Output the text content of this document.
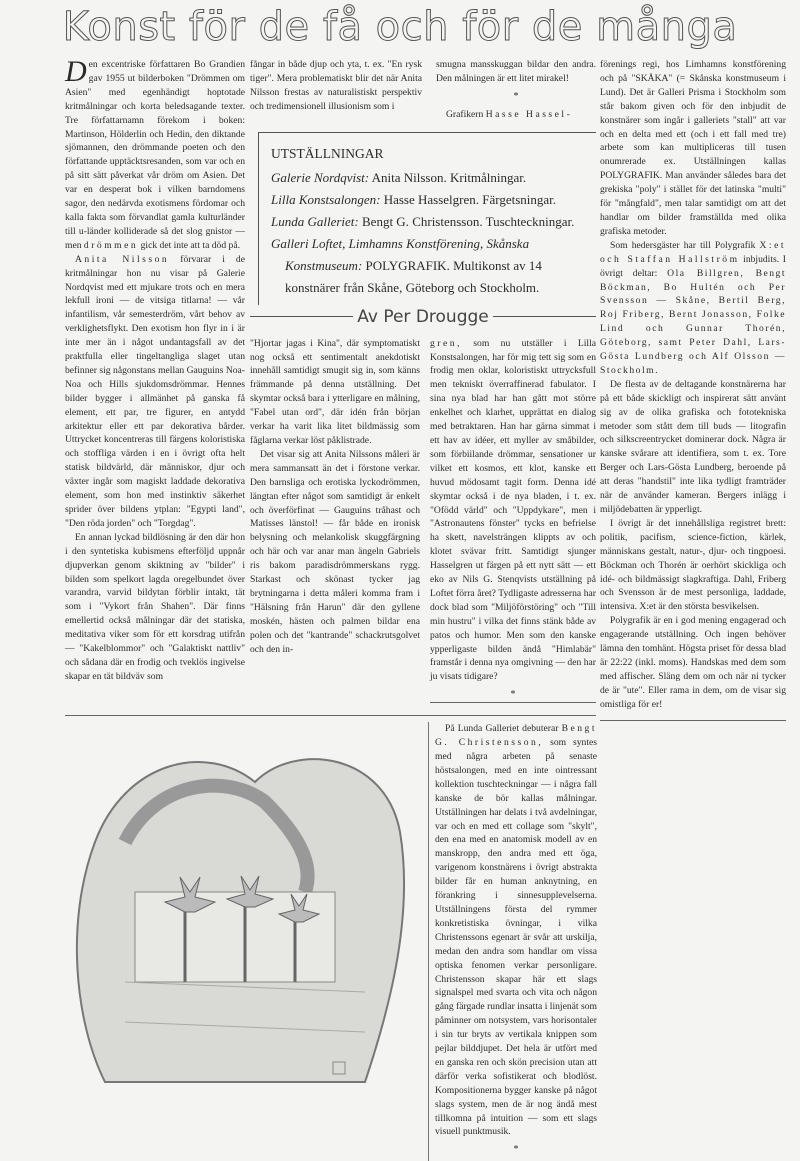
Konst för de få och för de många

Den excentriske författaren Bo Grandien gav 1955 ut bilderboken "Drömmen om Asien" med egenhändigt hoptotade kritmålningar och korta beledsagande texter. Tre författarnamn förekom i boken: Martinson, Hölderlin och Hedin, den diktande sjömannen, den drömmande poeten och den författande upptäcktsresanden, som var och en på sitt sätt påverkat vår dröm om Asien. Det var en desperat bok i vilken barndomens sagor, den nedärvda exotismens fördomar och kalla fakta som förvandlat gamla kulturländer till u-länder kolliderade så det slog gnistor — men drömmen gick det inte att ta död på.

Anita Nilsson förvarar i de kritmålningar hon nu visar på Galerie Nordqvist med ett mjukare trots och en mera lekfull ironi — de vitsiga titlarna! — vår infantilism, vår semesterdröm, vårt behov av verklighetsflykt. Den exotism hon flyr in i är inte mer än i något undantagsfall av det praktfulla eller tingeltangliga slaget utan befinner sig någonstans mellan Gauguins Noa-Noa och Hills sjukdomsdrömmar. Hennes bilder bygger i allmänhet på ganska få element, ett par, tre figurer, en antydd arkitektur eller ett par dekorativa bårder. Uttrycket koncentreras till färgens koloristiska och stoffliga värden i en i övrigt ofta helt statisk bildvärld, där människor, djur och växter ingår som magiskt laddade dekorativa element, som hon med instinktiv säkerhet sprider över bildens ytplan: "Egypti land", "Den röda jorden" och "Torgdag".

En annan lyckad bildlösning är den där hon i den syntetiska kubismens efterföljd uppnår djupverkan genom skiktning av "bilder" i bilden som spelkort lagda oregelbundet över varandra, varvid bildytan förblir intakt, tät som i "Vykort från Shahen". Där finns emellertid också målningar där det statiska, meditativa viker som för ett korsdrag utifrån — "Kakelblommor" och "Galaktiskt nattliv" och sådana där en frodig och tveklös ingivelse skapar en tät bildväv som

fångar in både djup och yta, t. ex. "En rysk tiger". Mera problematiskt blir det när Anita Nilsson frestas av naturalistiskt perspektiv och tredimensionell illusionism som i

smugna mansskuggan bildar den andra. Den målningen är ett litet mirakel!

*

Grafikern Hasse Hassel-

UTSTÄLLNINGAR
Galerie Nordqvist: Anita Nilsson. Kritmålningar.
Lilla Konstsalongen: Hasse Hasselgren. Färgetsningar.
Lunda Galleriet: Bengt G. Christensson. Tuschteckningar.
Galleri Loftet, Limhamns Konstförening, Skånska Konstmuseum: POLYGRAFIK. Multikonst av 14 konstnärer från Skåne, Göteborg och Stockholm.
Av Per Drougge

"Hjortar jagas i Kina", där symptomatiskt nog också ett sentimentalt anekdotiskt innehåll samtidigt smugit sig in, som känns främmande på denna utställning. Det skymtar också bara i ytterligare en målning, "Fabel utan ord", där idén från början verkar ha varit lika litet bildmässig som fåglarna verkar löst påklistrade.

Det visar sig att Anita Nilssons måleri är mera sammansatt än det i förstone verkar. Den barnsliga och erotiska lyckodrömmen, längtan efter något som samtidigt är enkelt och överförfinat — Gauguins tråhast och Matisses länstol! — får både en ironisk belysning och melankolisk skuggfärgning och här och var anar man ängeln Gabriels ris bakom paradisdrömmerskans rygg. Starkast och skönast tycker jag brytningarna i detta måleri komma fram i "Hälsning från Harun" där den gyllene moskén, hästen och palmen bildar ena polen och det "kantrande" schackrutsgolvet och den in-

gren, som nu utställer i Lilla Konstsalongen, har för mig tett sig som en frodig men oklar, koloristiskt uttrycksfull men tekniskt överraffinerad fabulator. I sina nya blad har han gått mot större enkelhet och klarhet, upprättat en dialog med betraktaren. Han har gärna simmat i ett hav av idéer, ett myller av småbilder, som förbiilande drömmar, sensationer ur vilket ett kosmos, ett klot, kanske ett huvud mödosamt tagit form. Denna idé skymtar också i de nya bladen, i t. ex. "Ofödd värld" och "Uppdykare", men i "Astronautens fönster" tycks en befrielse ha skett, navelsträngen klippts av och klotet svävar fritt. Samtidigt sjunger Hasselgren ut färgen på ett nytt sätt — ett eko av Nils G. Stenqvists utställning på Loftet förra året? Tydligaste adresserna har dock blad som "Miljöförstöring" och "Till min hustru" i vilka det finns stänk både av patos och humor. Men som den kanske ypperligaste bilden ändå "Himlabär" framstår i denna nya omgivning — den har ju visats tidigare?

*

På Lunda Galleriet debuterar Bengt G. Christensson, som syntes med några arbeten på senaste höstsalongen, med en inte ointressant kollektion tuschteckningar — i några fall kanske de bör kallas målningar. Utställningen har delats i två avdelningar, var och en med ett collage som "skylt", den ena med en anatomisk modell av en manskropp, den andra med ett öga, varigenom konstnärens i övrigt abstrakta bilder får en human anknytning, en förankring i sinnesupplevelserna. Utställningens första del rymmer konkretistiska övningar, i vilka Christenssons egenart är svår att urskilja, medan den andra som handlar om vissa optiska fenomen verkar personligare. Christensson skapar här ett slags signalspel med svarta och vita och någon gång färgade rundlar insatta i linjenät som påminner om notsystem, vars horisontaler i sin tur bryts av vertikala knippen som pejlar bilddjupet. Det hela är utfört med en ganska ren och skön precision utan att därför verka sofistikerat och blodlöst. Kompositionerna bygger kanske på något slags system, men de är nog ändå mest tillkomna på intuition — som ett slags visuell punktmusik.

*

förenings regi, hos Limhamns konstförening och på "SKÅKA" (= Skånska konstmuseum i Lund). Det är Galleri Prisma i Stockholm som står bakom given och för den inbjudit de konstnärer som ingår i galleriets "stall" att var och en delta med ett (och i ett fall med tre) arbete som kan multipliceras till tusen onumrerade ex. Utställningen kallas POLYGRAFIK. Man använder således bara det grekiska "poly" i stället för det latinska "multi" för "mångfald", men talar samtidigt om att det handlar om bilder framställda med olika grafiska metoder.

Som hedersgäster har till Polygrafik X:et och Staffan Hallström inbjudits. I övrigt deltar: Ola Billgren, Bengt Böckman, Bo Hultén och Per Svensson — Skåne, Bertil Berg, Roj Friberg, Bernt Jonasson, Folke Lind och Gunnar Thorén, Göteborg, samt Peter Dahl, Lars-Gösta Lundberg och Alf Olsson — Stockholm.

De flesta av de deltagande konstnärerna har på ett både skickligt och inspirerat sätt använt sig av de olika grafiska och fototekniska metoder som stått dem till buds — litografin och silkscreentrycket dominerar dock. Några är kanske svårare att identifiera, som t. ex. Tore Berger och Lars-Gösta Lundberg, beroende på att deras "handstil" inte lika tydligt framträder när de använder kameran. Bergers inlägg i miljödebatten är ypperligt.

I övrigt är det innehållsliga registret brett: politik, pacifism, science-fiction, kärlek, människans gestalt, natur-, djur- och tingpoesi. Böckman och Thorén är oerhört skickliga och idé- och bildmässigt slagkraftiga. Dahl, Friberg och Svensson är de mest personliga, laddade, intensiva. X:et är den största besvikelsen.

Polygrafik är en i god mening engagerad och engagerande utställning. Och ingen behöver lämna den tomhänt. Högsta priset för dessa blad är 22:22 (inkl. moms). Handskas med dem som med affischer. Släng dem om och när ni tycker de är "ute". Eller rama in dem, om de visar sig omistliga för er!
